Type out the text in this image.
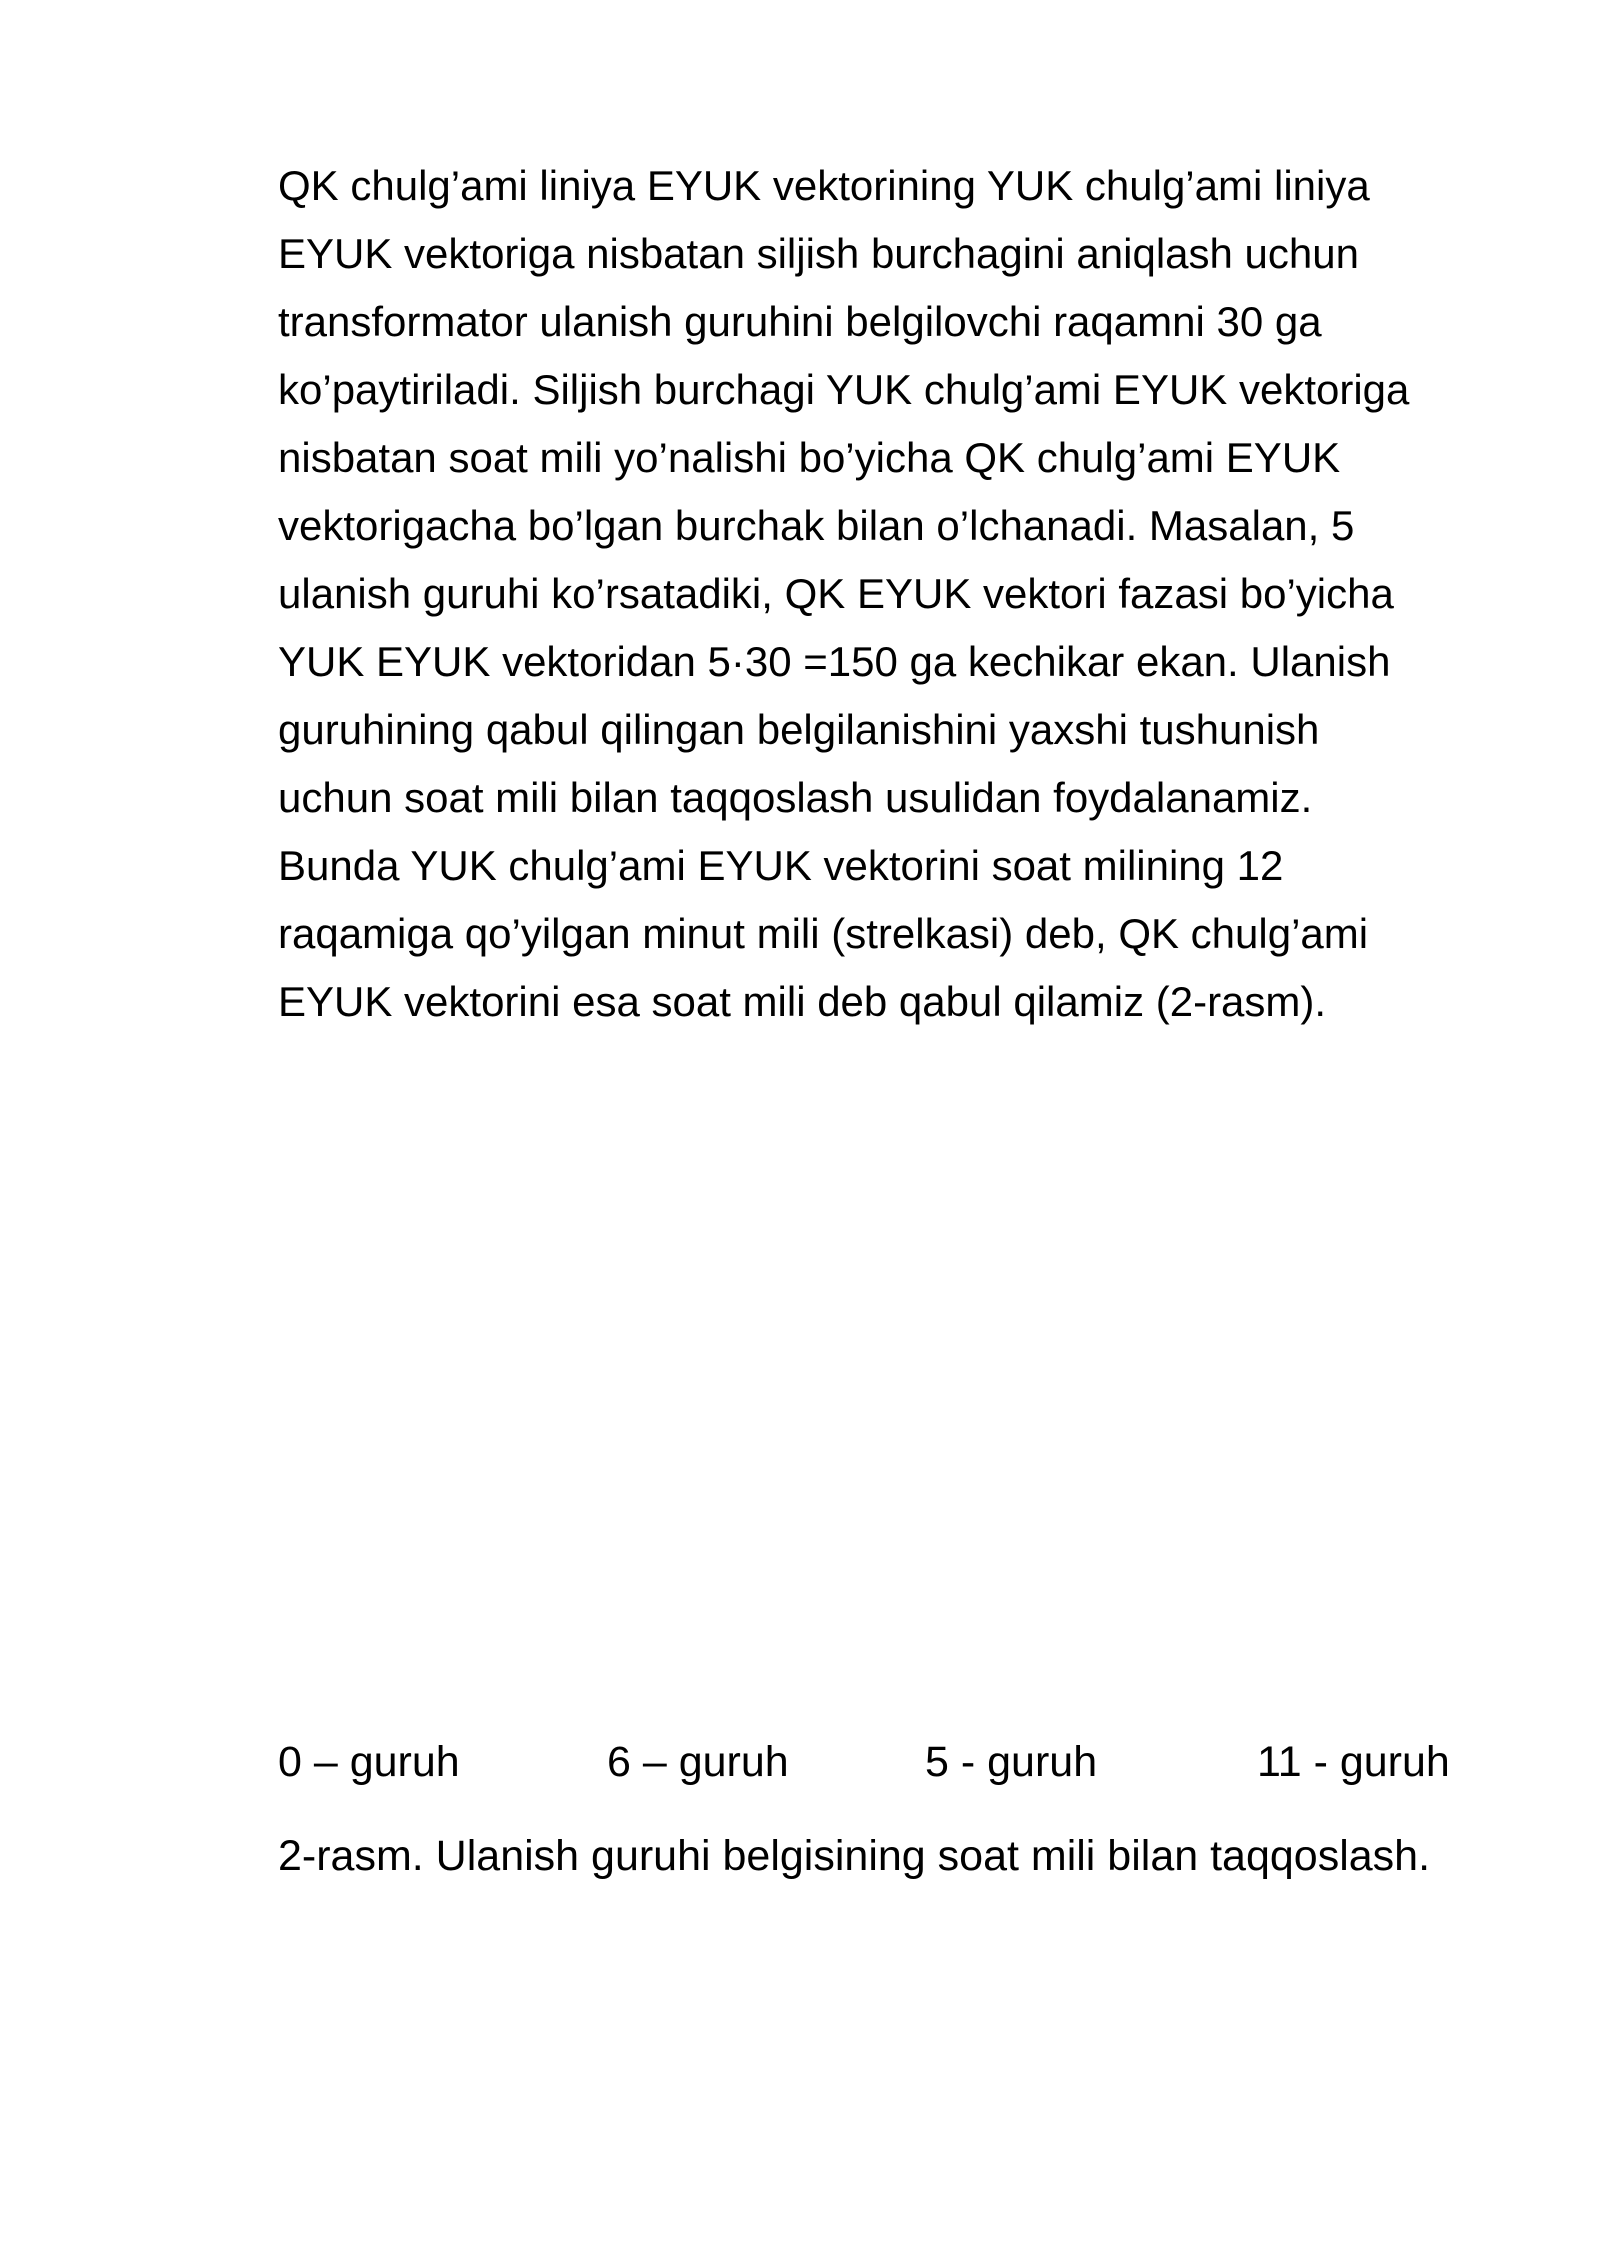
QK chulg’ami liniya EYUK vektorining YUK chulg’ami liniya
EYUK vektoriga nisbatan siljish burchagini aniqlash uchun
transformator ulanish guruhini belgilovchi raqamni 30 ga
ko’paytiriladi. Siljish burchagi YUK chulg’ami EYUK vektoriga
nisbatan soat mili yo’nalishi bo’yicha QK chulg’ami EYUK
vektorigacha bo’lgan burchak bilan o’lchanadi. Masalan, 5
ulanish guruhi ko’rsatadiki, QK EYUK vektori fazasi bo’yicha
YUK EYUK vektoridan 5·30 =150 ga kechikar ekan. Ulanish
guruhining qabul qilingan belgilanishini yaxshi tushunish
uchun soat mili bilan taqqoslash usulidan foydalanamiz.
Bunda YUK chulg’ami EYUK vektorini soat milining 12
raqamiga qo’yilgan minut mili (strelkasi) deb, QK chulg’ami
EYUK vektorini esa soat mili deb qabul qilamiz (2-rasm).
0 – guruh	6 – guruh	5 - guruh	11 - guruh

2-rasm. Ulanish guruhi belgisining soat mili bilan taqqoslash.
